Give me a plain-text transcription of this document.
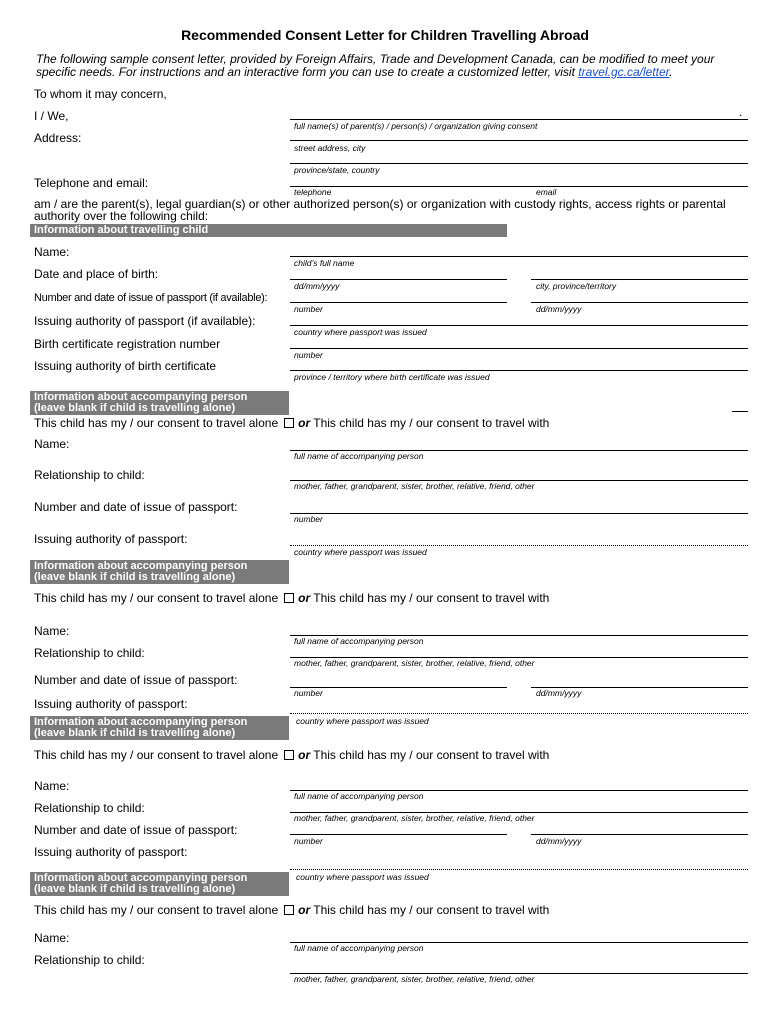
Recommended Consent Letter for Children Travelling Abroad
The following sample consent letter, provided by Foreign Affairs, Trade and Development Canada, can be modified to meet your specific needs. For instructions and an interactive form you can use to create a customized letter, visit travel.gc.ca/letter.
To whom it may concern,
I / We,	.
full name(s) of parent(s) / person(s) / organization giving consent
Address:
street address, city
province/state, country
Telephone and email:
telephone	email
am / are the parent(s), legal guardian(s) or other authorized person(s) or organization with custody rights, access rights or parental authority over the following child:
Information about travelling child
Name:
child’s full name
Date and place of birth:
dd/mm/yyyy	city, province/territory
Number and date of issue of passport (if available):
number	dd/mm/yyyy
Issuing authority of passport (if available):
country where passport was issued
Birth certificate registration number
number
Issuing authority of birth certificate
province / territory where birth certificate was issued
Information about accompanying person
(leave blank if child is travelling alone)
This child has my / our consent to travel alone or This child has my / our consent to travel with
Name:
full name of accompanying person
Relationship to child:
mother, father, grandparent, sister, brother, relative, friend, other
Number and date of issue of passport:
number
Issuing authority of passport:
country where passport was issued
Information about accompanying person
(leave blank if child is travelling alone)
This child has my / our consent to travel alone or This child has my / our consent to travel with
Name:
full name of accompanying person
Relationship to child:
mother, father, grandparent, sister, brother, relative, friend, other
Number and date of issue of passport:
number	dd/mm/yyyy
Issuing authority of passport:
country where passport was issued
Information about accompanying person
(leave blank if child is travelling alone)
This child has my / our consent to travel alone or This child has my / our consent to travel with
Name:
full name of accompanying person
Relationship to child:
mother, father, grandparent, sister, brother, relative, friend, other
Number and date of issue of passport:
number	dd/mm/yyyy
Issuing authority of passport:
country where passport was issued
Information about accompanying person
(leave blank if child is travelling alone)
This child has my / our consent to travel alone or This child has my / our consent to travel with
Name:
full name of accompanying person
Relationship to child:
mother, father, grandparent, sister, brother, relative, friend, other
